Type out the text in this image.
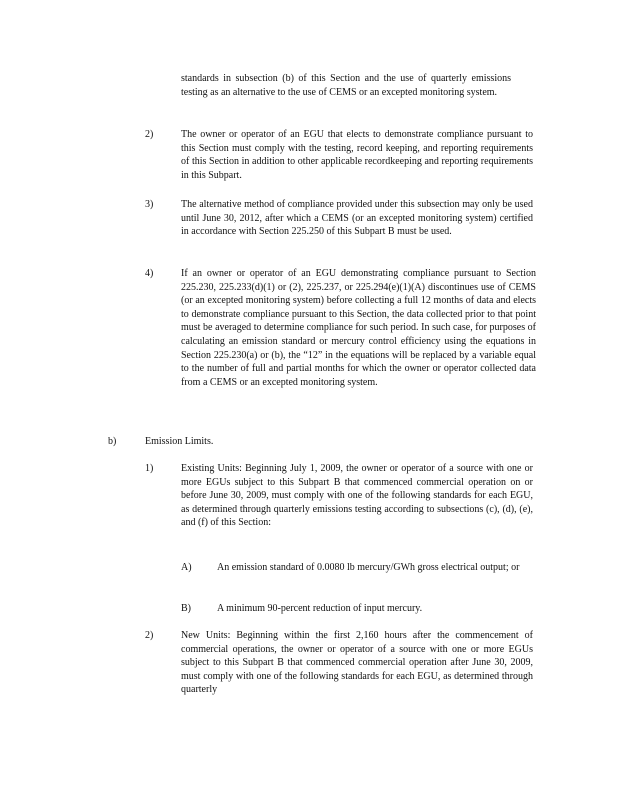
standards in subsection (b) of this Section and the use of quarterly emissions testing as an alternative to the use of CEMS or an excepted monitoring system.
2)	The owner or operator of an EGU that elects to demonstrate compliance pursuant to this Section must comply with the testing, record keeping, and reporting requirements of this Section in addition to other applicable recordkeeping and reporting requirements in this Subpart.
3)	The alternative method of compliance provided under this subsection may only be used until June 30, 2012, after which a CEMS (or an excepted monitoring system) certified in accordance with Section 225.250 of this Subpart B must be used.
4)	If an owner or operator of an EGU demonstrating compliance pursuant to Section 225.230, 225.233(d)(1) or (2), 225.237, or 225.294(e)(1)(A) discontinues use of CEMS (or an excepted monitoring system) before collecting a full 12 months of data and elects to demonstrate compliance pursuant to this Section, the data collected prior to that point must be averaged to determine compliance for such period. In such case, for purposes of calculating an emission standard or mercury control efficiency using the equations in Section 225.230(a) or (b), the “12” in the equations will be replaced by a variable equal to the number of full and partial months for which the owner or operator collected data from a CEMS or an excepted monitoring system.
b)	Emission Limits.
1)	Existing Units: Beginning July 1, 2009, the owner or operator of a source with one or more EGUs subject to this Subpart B that commenced commercial operation on or before June 30, 2009, must comply with one of the following standards for each EGU, as determined through quarterly emissions testing according to subsections (c), (d), (e), and (f) of this Section:
A)	An emission standard of 0.0080 lb mercury/GWh gross electrical output; or
B)	A minimum 90-percent reduction of input mercury.
2)	New Units: Beginning within the first 2,160 hours after the commencement of commercial operations, the owner or operator of a source with one or more EGUs subject to this Subpart B that commenced commercial operation after June 30, 2009, must comply with one of the following standards for each EGU, as determined through quarterly
